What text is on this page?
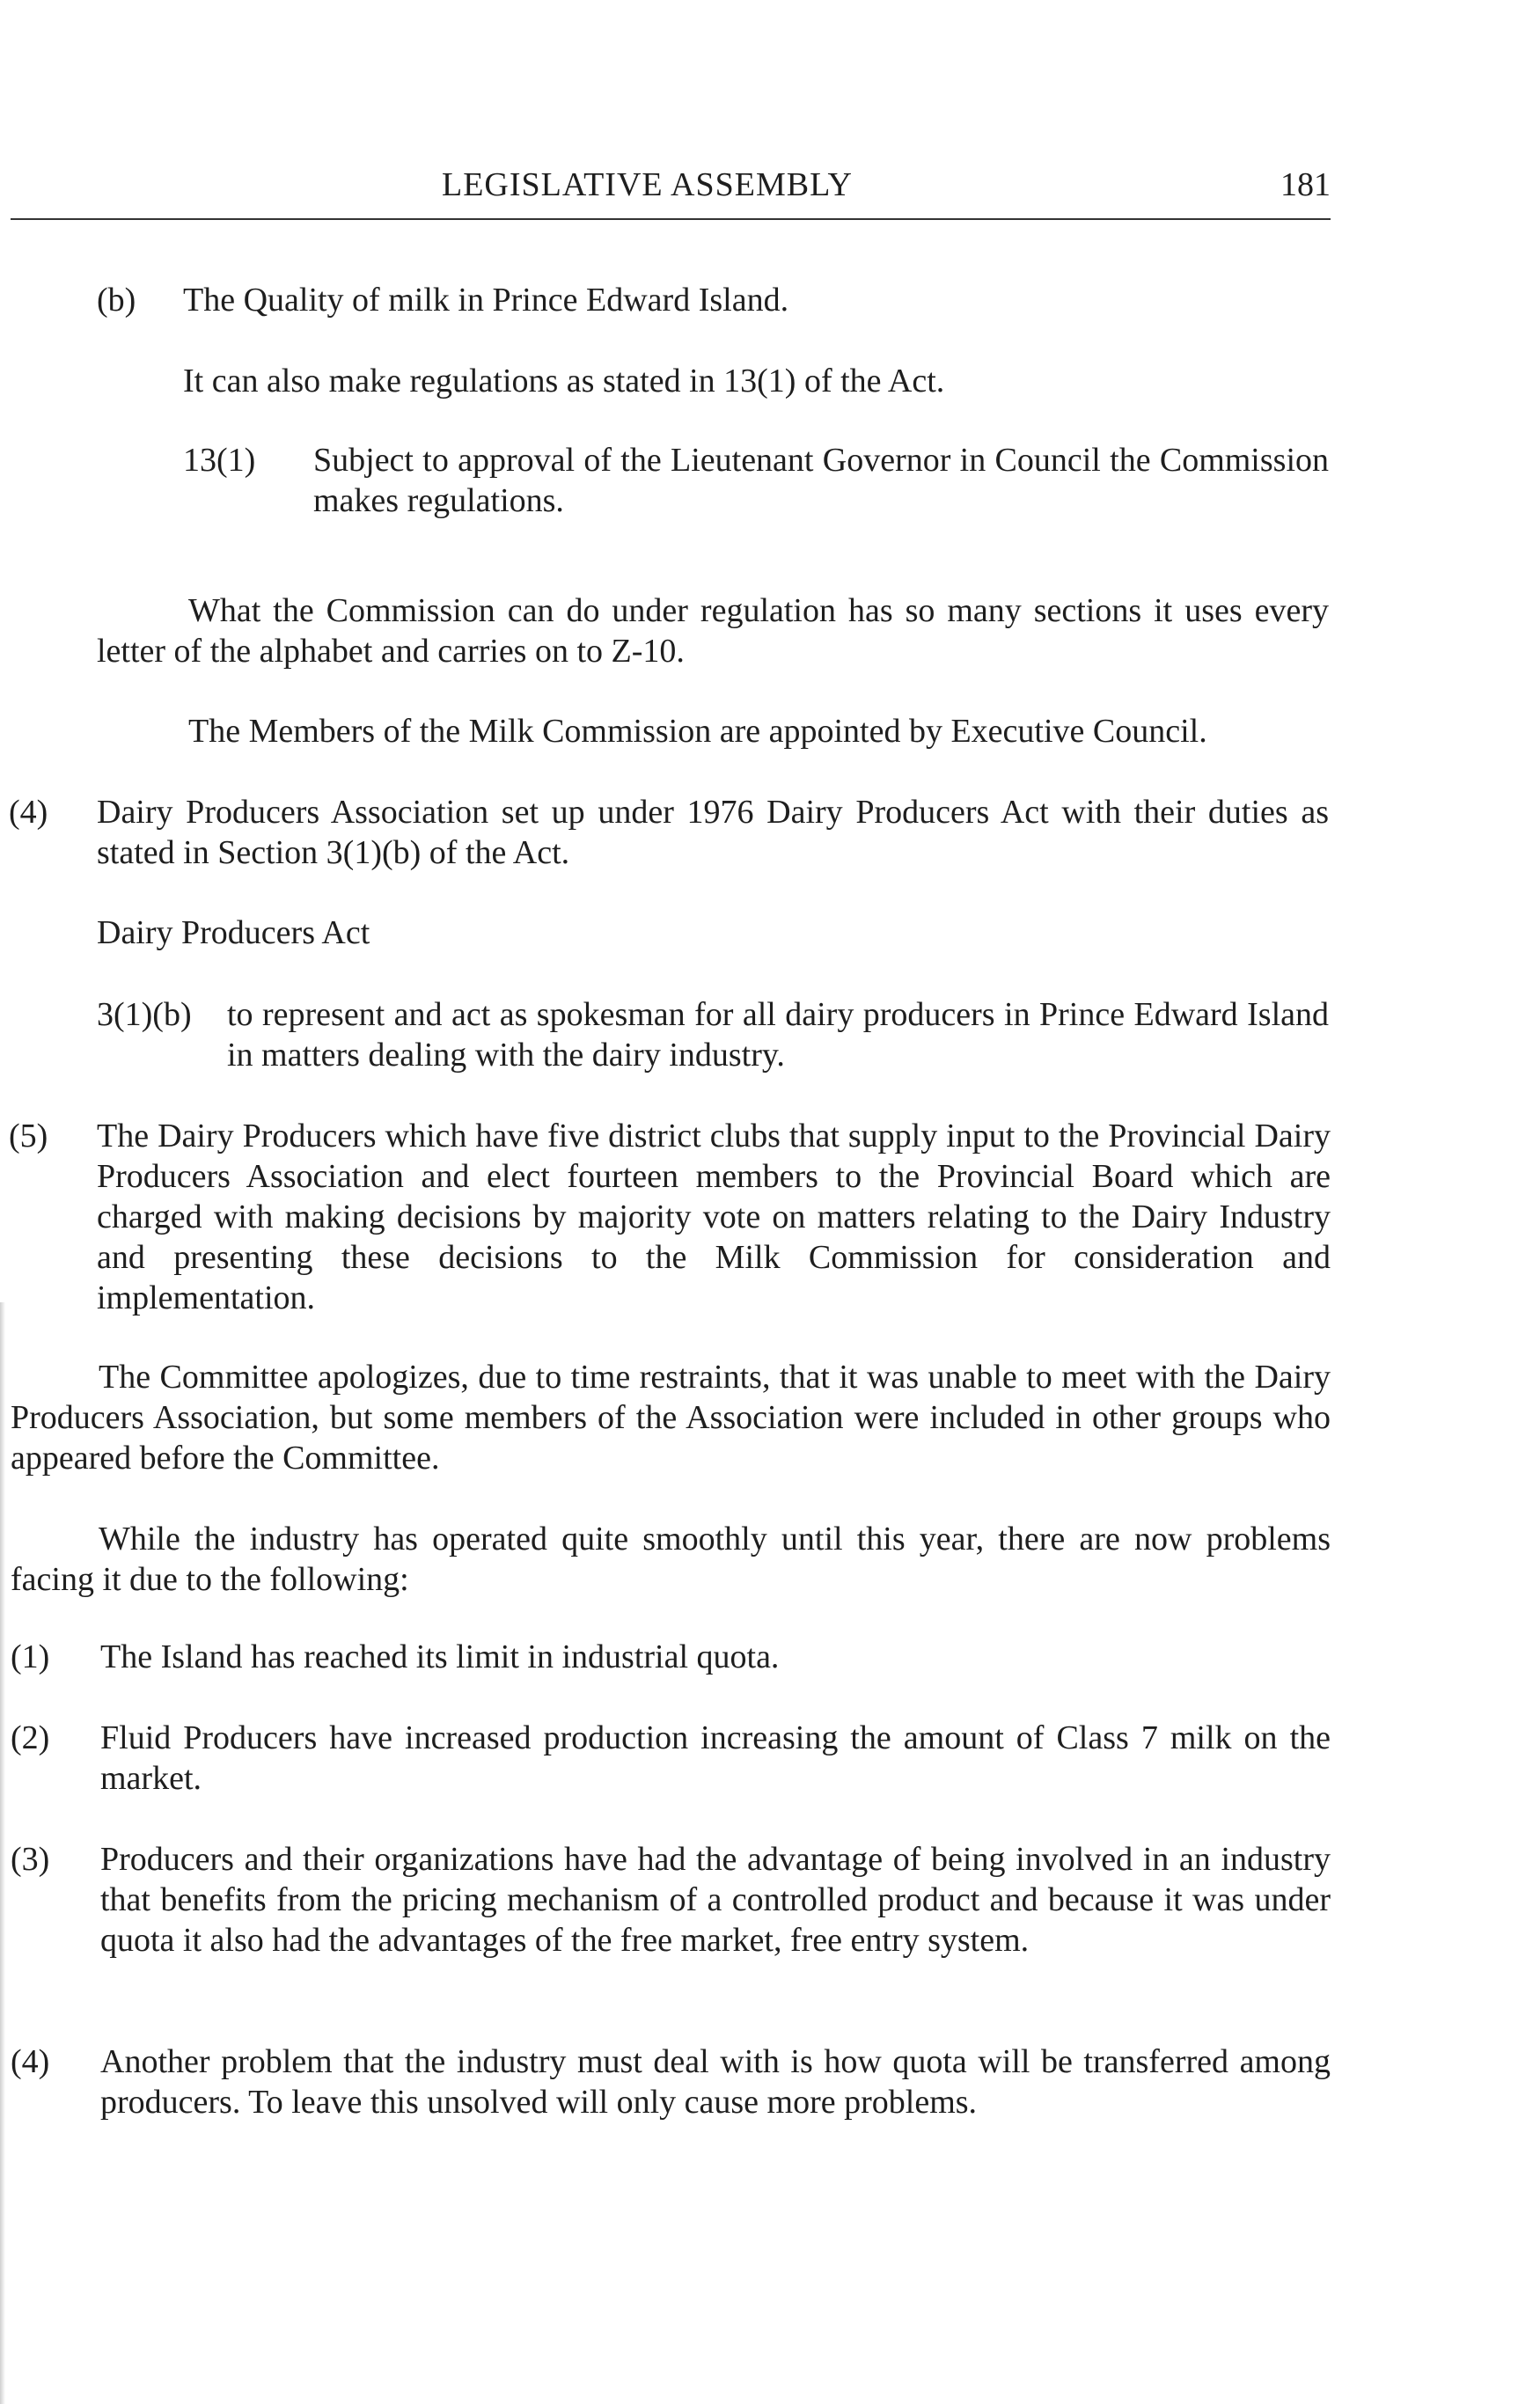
LEGISLATIVE ASSEMBLY	181
(b) The Quality of milk in Prince Edward Island.

It can also make regulations as stated in 13(1) of the Act.

13(1) Subject to approval of the Lieutenant Governor in Council the Commission makes regulations.

What the Commission can do under regulation has so many sections it uses every letter of the alphabet and carries on to Z-10.

The Members of the Milk Commission are appointed by Executive Council.

(4) Dairy Producers Association set up under 1976 Dairy Producers Act with their duties as stated in Section 3(1)(b) of the Act.

Dairy Producers Act

3(1)(b) to represent and act as spokesman for all dairy producers in Prince Edward Island in matters dealing with the dairy industry.

(5) The Dairy Producers which have five district clubs that supply input to the Provincial Dairy Producers Association and elect fourteen members to the Provincial Board which are charged with making decisions by majority vote on matters relating to the Dairy Industry and presenting these decisions to the Milk Commission for consideration and implementation.

The Committee apologizes, due to time restraints, that it was unable to meet with the Dairy Producers Association, but some members of the Association were included in other groups who appeared before the Committee.

While the industry has operated quite smoothly until this year, there are now problems facing it due to the following:

(1) The Island has reached its limit in industrial quota.

(2) Fluid Producers have increased production increasing the amount of Class 7 milk on the market.

(3) Producers and their organizations have had the advantage of being involved in an industry that benefits from the pricing mechanism of a controlled product and because it was under quota it also had the advantages of the free market, free entry system.

(4) Another problem that the industry must deal with is how quota will be transferred among producers. To leave this unsolved will only cause more problems.
